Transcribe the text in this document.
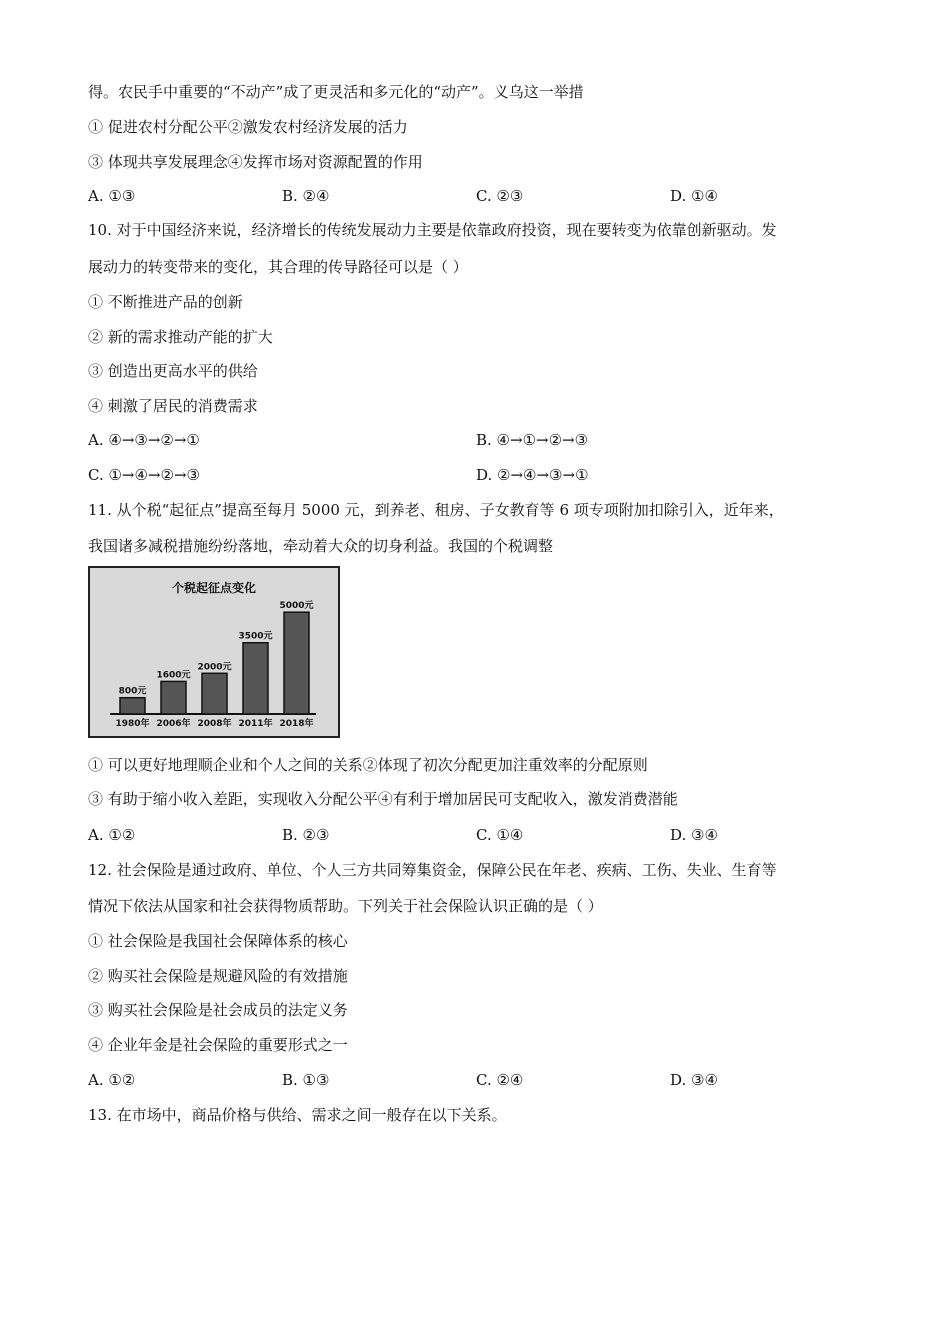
得。农民手中重要的“不动产”成了更灵活和多元化的“动产”。义乌这一举措
① 促进农村分配公平②激发农村经济发展的活力
③ 体现共享发展理念④发挥市场对资源配置的作用
A. ①③	B. ②④	C. ②③	D. ①④
10. 对于中国经济来说，经济增长的传统发展动力主要是依靠政府投资，现在要转变为依靠创新驱动。发
展动力的转变带来的变化，其合理的传导路径可以是（ ）
① 不断推进产品的创新
② 新的需求推动产能的扩大
③ 创造出更高水平的供给
④ 刺激了居民的消费需求
A. ④→③→②→①	B. ④→①→②→③
C. ①→④→②→③	D. ②→④→③→①
11. 从个税“起征点”提高至每月 5000 元，到养老、租房、子女教育等 6 项专项附加扣除引入，近年来，
我国诸多减税措施纷纷落地，牵动着大众的切身利益。我国的个税调整
个税起征点变化
800元
1980年
1600元
2006年
2000元
2008年
3500元
2011年
5000元
2018年
① 可以更好地理顺企业和个人之间的关系②体现了初次分配更加注重效率的分配原则
③ 有助于缩小收入差距，实现收入分配公平④有利于增加居民可支配收入，激发消费潜能
A. ①②	B. ②③	C. ①④	D. ③④
12. 社会保险是通过政府、单位、个人三方共同筹集资金，保障公民在年老、疾病、工伤、失业、生育等
情况下依法从国家和社会获得物质帮助。下列关于社会保险认识正确的是（ ）
① 社会保险是我国社会保障体系的核心
② 购买社会保险是规避风险的有效措施
③ 购买社会保险是社会成员的法定义务
④ 企业年金是社会保险的重要形式之一
A. ①②	B. ①③	C. ②④	D. ③④
13. 在市场中，商品价格与供给、需求之间一般存在以下关系。
